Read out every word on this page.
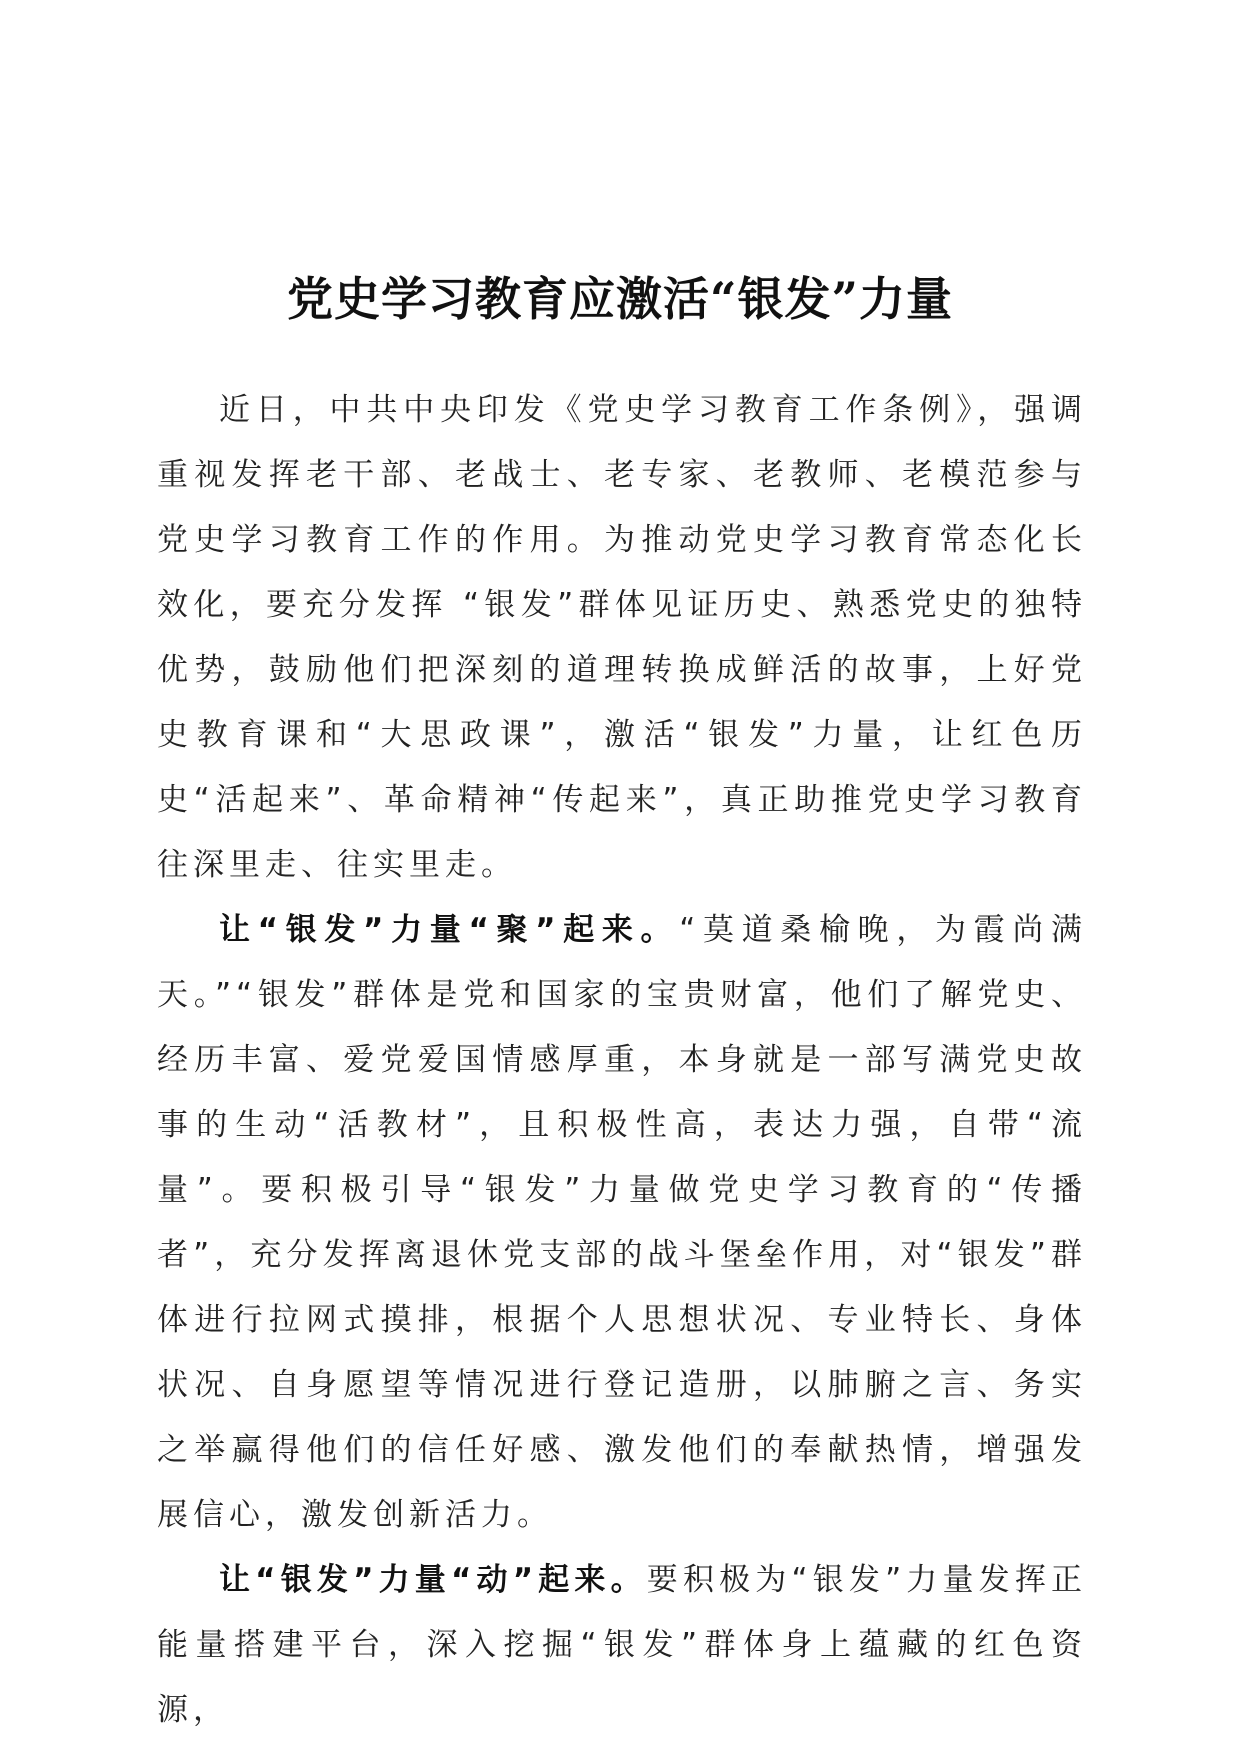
党史学习教育应激活“银发”力量

近日，中共中央印发《党史学习教育工作条例》，强调重视发挥老干部、老战士、老专家、老教师、老模范参与党史学习教育工作的作用。为推动党史学习教育常态化长效化，要充分发挥 “银发”群体见证历史、熟悉党史的独特优势，鼓励他们把深刻的道理转换成鲜活的故事，上好党史教育课和“大思政课”，激活“银发”力量，让红色历史“活起来”、革命精神“传起来”，真正助推党史学习教育往深里走、往实里走。

让“银发”力量“聚”起来。“莫道桑榆晚，为霞尚满天。”“银发”群体是党和国家的宝贵财富，他们了解党史、经历丰富、爱党爱国情感厚重，本身就是一部写满党史故事的生动“活教材”，且积极性高，表达力强，自带“流量”。要积极引导“银发”力量做党史学习教育的“传播者”，充分发挥离退休党支部的战斗堡垒作用，对“银发”群体进行拉网式摸排，根据个人思想状况、专业特长、身体状况、自身愿望等情况进行登记造册，以肺腑之言、务实之举赢得他们的信任好感、激发他们的奉献热情，增强发展信心，激发创新活力。

让“银发”力量“动”起来。要积极为“银发”力量发挥正能量搭建平台，深入挖掘“银发”群体身上蕴藏的红色资源，
